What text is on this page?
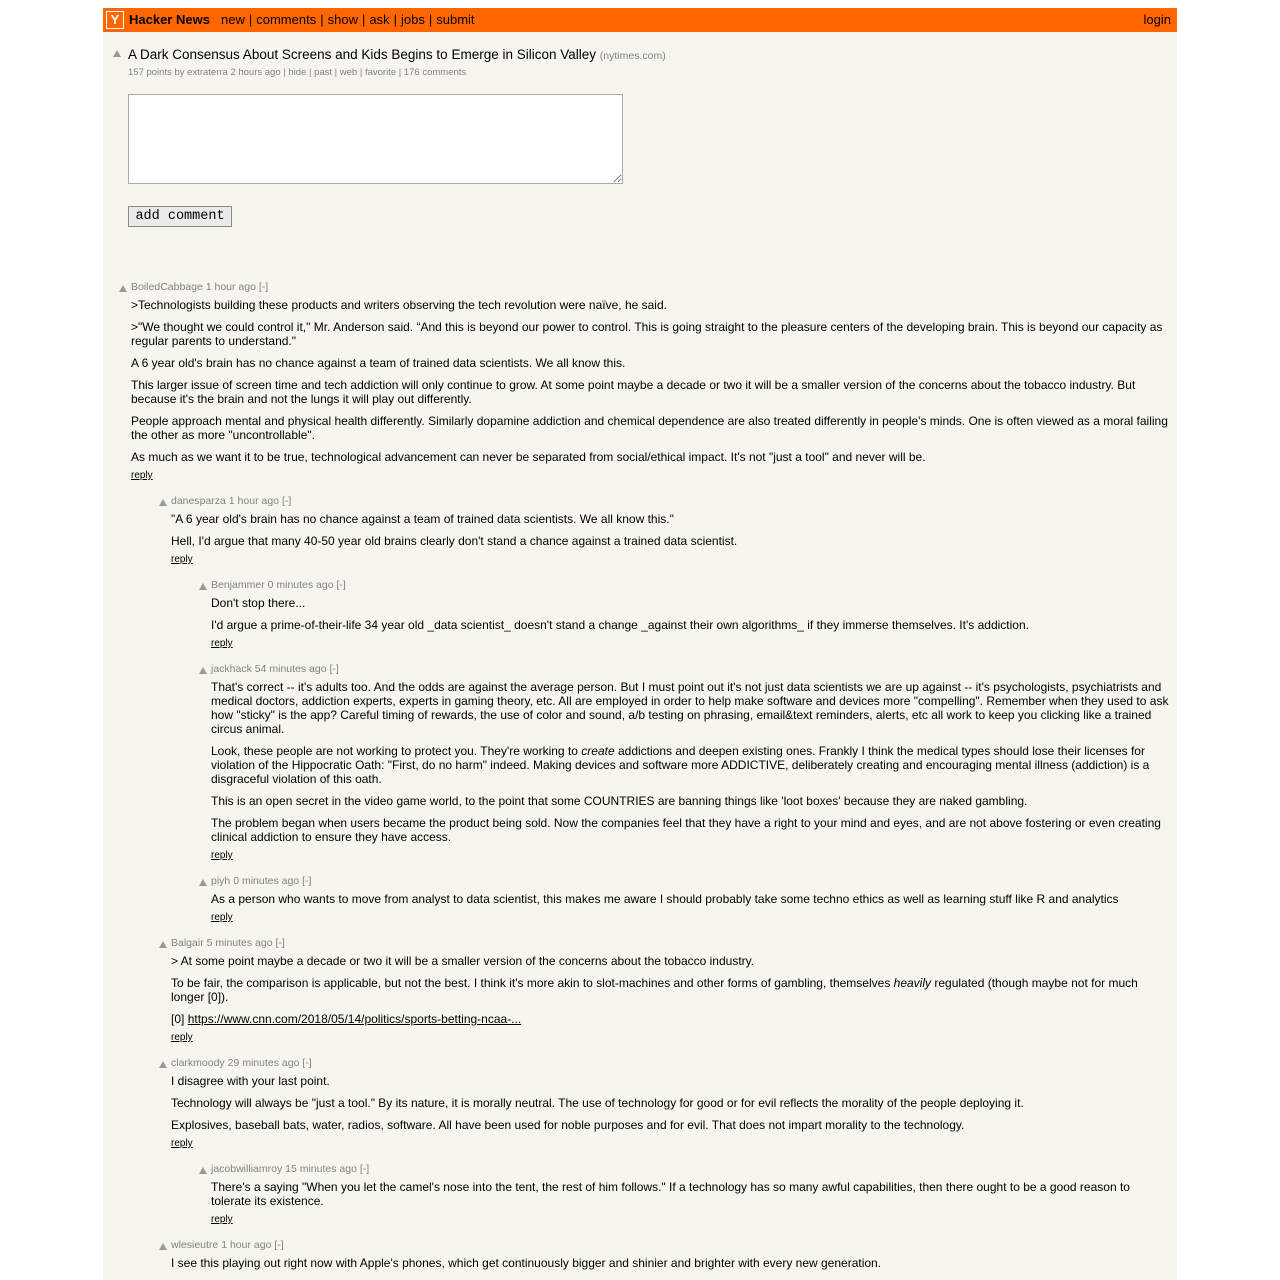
Y Hacker News new | comments | show | ask | jobs | submit	login
A Dark Consensus About Screens and Kids Begins to Emerge in Silicon Valley (nytimes.com)
157 points by extraterra 2 hours ago | hide | past | web | favorite | 176 comments
add comment
BoiledCabbage 1 hour ago [-]
>Technologists building these products and writers observing the tech revolution were naïve, he said.
>"We thought we could control it," Mr. Anderson said. “And this is beyond our power to control. This is going straight to the pleasure centers of the developing brain. This is beyond our capacity as regular parents to understand."
A 6 year old's brain has no chance against a team of trained data scientists. We all know this.
This larger issue of screen time and tech addiction will only continue to grow. At some point maybe a decade or two it will be a smaller version of the concerns about the tobacco industry. But because it's the brain and not the lungs it will play out differently.
People approach mental and physical health differently. Similarly dopamine addiction and chemical dependence are also treated differently in people's minds. One is often viewed as a moral failing the other as more "uncontrollable".
As much as we want it to be true, technological advancement can never be separated from social/ethical impact. It's not "just a tool" and never will be.
reply
danesparza 1 hour ago [-]
"A 6 year old's brain has no chance against a team of trained data scientists. We all know this."
Hell, I'd argue that many 40-50 year old brains clearly don't stand a chance against a trained data scientist.
reply
Benjammer 0 minutes ago [-]
Don't stop there...
I'd argue a prime-of-their-life 34 year old _data scientist_ doesn't stand a change _against their own algorithms_ if they immerse themselves. It's addiction.
reply
jackhack 54 minutes ago [-]
That's correct -- it's adults too. And the odds are against the average person. But I must point out it's not just data scientists we are up against -- it's psychologists, psychiatrists and medical doctors, addiction experts, experts in gaming theory, etc. All are employed in order to help make software and devices more "compelling". Remember when they used to ask how "sticky" is the app? Careful timing of rewards, the use of color and sound, a/b testing on phrasing, email&text reminders, alerts, etc all work to keep you clicking like a trained circus animal.
Look, these people are not working to protect you. They're working to create addictions and deepen existing ones. Frankly I think the medical types should lose their licenses for violation of the Hippocratic Oath: "First, do no harm" indeed. Making devices and software more ADDICTIVE, deliberately creating and encouraging mental illness (addiction) is a disgraceful violation of this oath.
This is an open secret in the video game world, to the point that some COUNTRIES are banning things like 'loot boxes' because they are naked gambling.
The problem began when users became the product being sold. Now the companies feel that they have a right to your mind and eyes, and are not above fostering or even creating clinical addiction to ensure they have access.
reply
piyh 0 minutes ago [-]
As a person who wants to move from analyst to data scientist, this makes me aware I should probably take some techno ethics as well as learning stuff like R and analytics
reply
Balgair 5 minutes ago [-]
> At some point maybe a decade or two it will be a smaller version of the concerns about the tobacco industry.
To be fair, the comparison is applicable, but not the best. I think it's more akin to slot-machines and other forms of gambling, themselves heavily regulated (though maybe not for much longer [0]).
[0] https://www.cnn.com/2018/05/14/politics/sports-betting-ncaa-...
reply
clarkmoody 29 minutes ago [-]
I disagree with your last point.
Technology will always be "just a tool." By its nature, it is morally neutral. The use of technology for good or for evil reflects the morality of the people deploying it.
Explosives, baseball bats, water, radios, software. All have been used for noble purposes and for evil. That does not impart morality to the technology.
reply
jacobwilliamroy 15 minutes ago [-]
There's a saying "When you let the camel's nose into the tent, the rest of him follows." If a technology has so many awful capabilities, then there ought to be a good reason to tolerate its existence.
reply
wlesieutre 1 hour ago [-]
I see this playing out right now with Apple's phones, which get continuously bigger and shinier and brighter with every new generation.
